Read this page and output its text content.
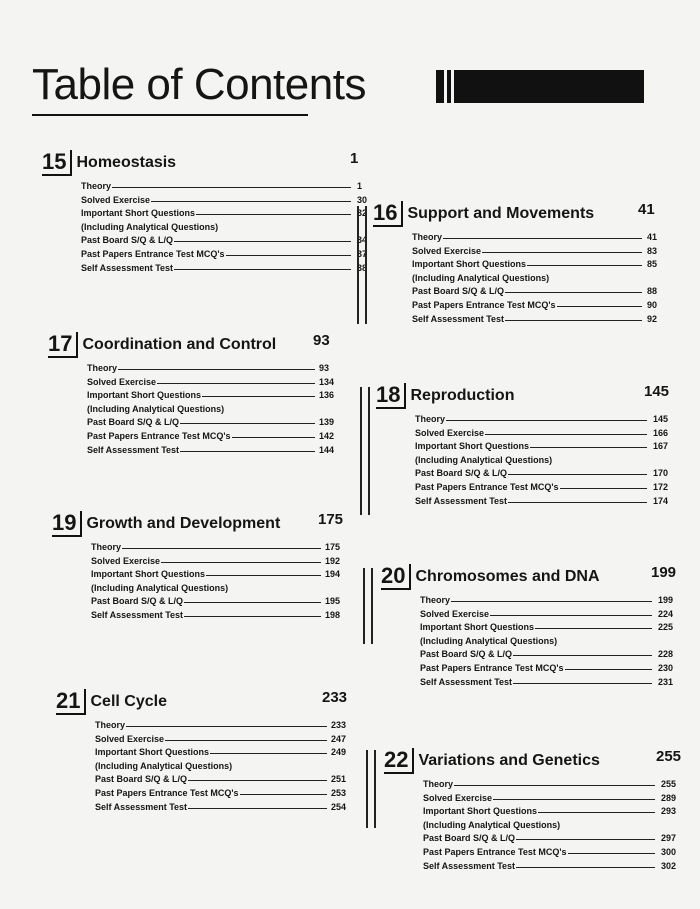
Table of Contents
15 Homeostasis	1
Theory	1
Solved Exercise	30
Important Short Questions	32
(Including Analytical Questions)
Past Board S/Q & L/Q	34
Past Papers Entrance Test MCQ's	37
Self Assessment Test	38
16 Support and Movements	41
Theory	41
Solved Exercise	83
Important Short Questions	85
(Including Analytical Questions)
Past Board S/Q & L/Q	88
Past Papers Entrance Test MCQ's	90
Self Assessment Test	92
17 Coordination and Control 93
Theory	93
Solved Exercise	134
Important Short Questions	136
(Including Analytical Questions)
Past Board S/Q & L/Q	139
Past Papers Entrance Test MCQ's	142
Self Assessment Test	144
18 Reproduction	145
Theory	145
Solved Exercise	166
Important Short Questions	167
(Including Analytical Questions)
Past Board S/Q & L/Q	170
Past Papers Entrance Test MCQ's	172
Self Assessment Test	174
19 Growth and Development	175
Theory	175
Solved Exercise	192
Important Short Questions	194
(Including Analytical Questions)
Past Board S/Q & L/Q	195
Self Assessment Test	198
20 Chromosomes and DNA	199
Theory	199
Solved Exercise	224
Important Short Questions	225
(Including Analytical Questions)
Past Board S/Q & L/Q	228
Past Papers Entrance Test MCQ's	230
Self Assessment Test	231
21 Cell Cycle	233
Theory	233
Solved Exercise	247
Important Short Questions	249
(Including Analytical Questions)
Past Board S/Q & L/Q	251
Past Papers Entrance Test MCQ's	253
Self Assessment Test	254
22 Variations and Genetics	255
Theory	255
Solved Exercise	289
Important Short Questions	293
(Including Analytical Questions)
Past Board S/Q & L/Q	297
Past Papers Entrance Test MCQ's	300
Self Assessment Test	302
